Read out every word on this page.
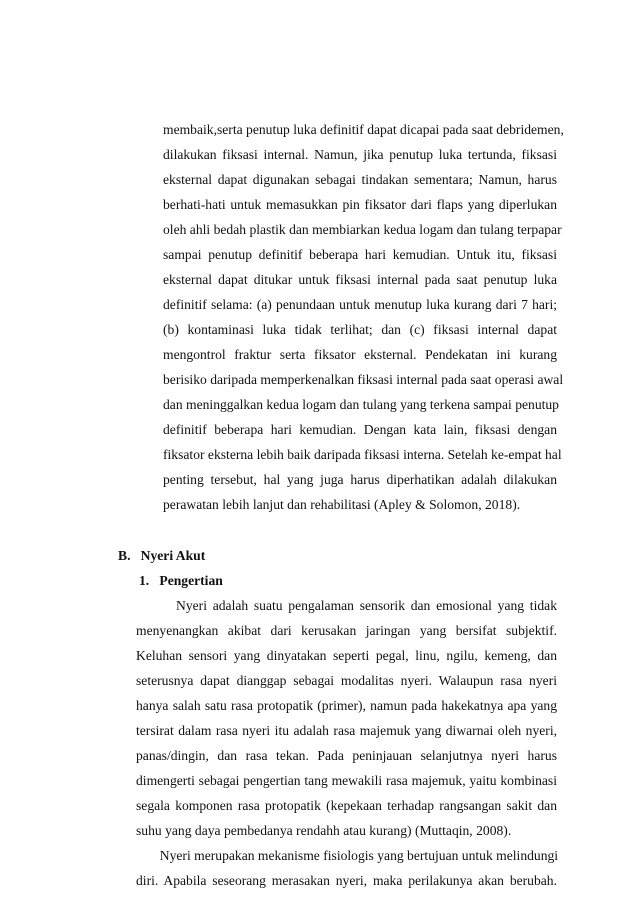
membaik,serta penutup luka definitif dapat dicapai pada saat debridemen,
dilakukan fiksasi internal. Namun, jika penutup luka tertunda, fiksasi
eksternal dapat digunakan sebagai tindakan sementara; Namun, harus
berhati-hati untuk memasukkan pin fiksator dari flaps yang diperlukan
oleh ahli bedah plastik dan membiarkan kedua logam dan tulang terpapar
sampai penutup definitif beberapa hari kemudian. Untuk itu, fiksasi
eksternal dapat ditukar untuk fiksasi internal pada saat penutup luka
definitif selama: (a) penundaan untuk menutup luka kurang dari 7 hari;
(b) kontaminasi luka tidak terlihat; dan (c) fiksasi internal dapat
mengontrol fraktur serta fiksator eksternal. Pendekatan ini kurang
berisiko daripada memperkenalkan fiksasi internal pada saat operasi awal
dan meninggalkan kedua logam dan tulang yang terkena sampai penutup
definitif beberapa hari kemudian. Dengan kata lain, fiksasi dengan
fiksator eksterna lebih baik daripada fiksasi interna. Setelah ke-empat hal
penting tersebut, hal yang juga harus diperhatikan adalah dilakukan
perawatan lebih lanjut dan rehabilitasi (Apley & Solomon, 2018).
B.   Nyeri Akut
1.   Pengertian
Nyeri adalah suatu pengalaman sensorik dan emosional yang tidak
menyenangkan akibat dari kerusakan jaringan yang bersifat subjektif.
Keluhan sensori yang dinyatakan seperti pegal, linu, ngilu, kemeng, dan
seterusnya dapat dianggap sebagai modalitas nyeri. Walaupun rasa nyeri
hanya salah satu rasa protopatik (primer), namun pada hakekatnya apa yang
tersirat dalam rasa nyeri itu adalah rasa majemuk yang diwarnai oleh nyeri,
panas/dingin, dan rasa tekan. Pada peninjauan selanjutnya nyeri harus
dimengerti sebagai pengertian tang mewakili rasa majemuk, yaitu kombinasi
segala komponen rasa protopatik (kepekaan terhadap rangsangan sakit dan
suhu yang daya pembedanya rendahh atau kurang) (Muttaqin, 2008).
Nyeri merupakan mekanisme fisiologis yang bertujuan untuk melindungi
diri. Apabila seseorang merasakan nyeri, maka perilakunya akan berubah.
